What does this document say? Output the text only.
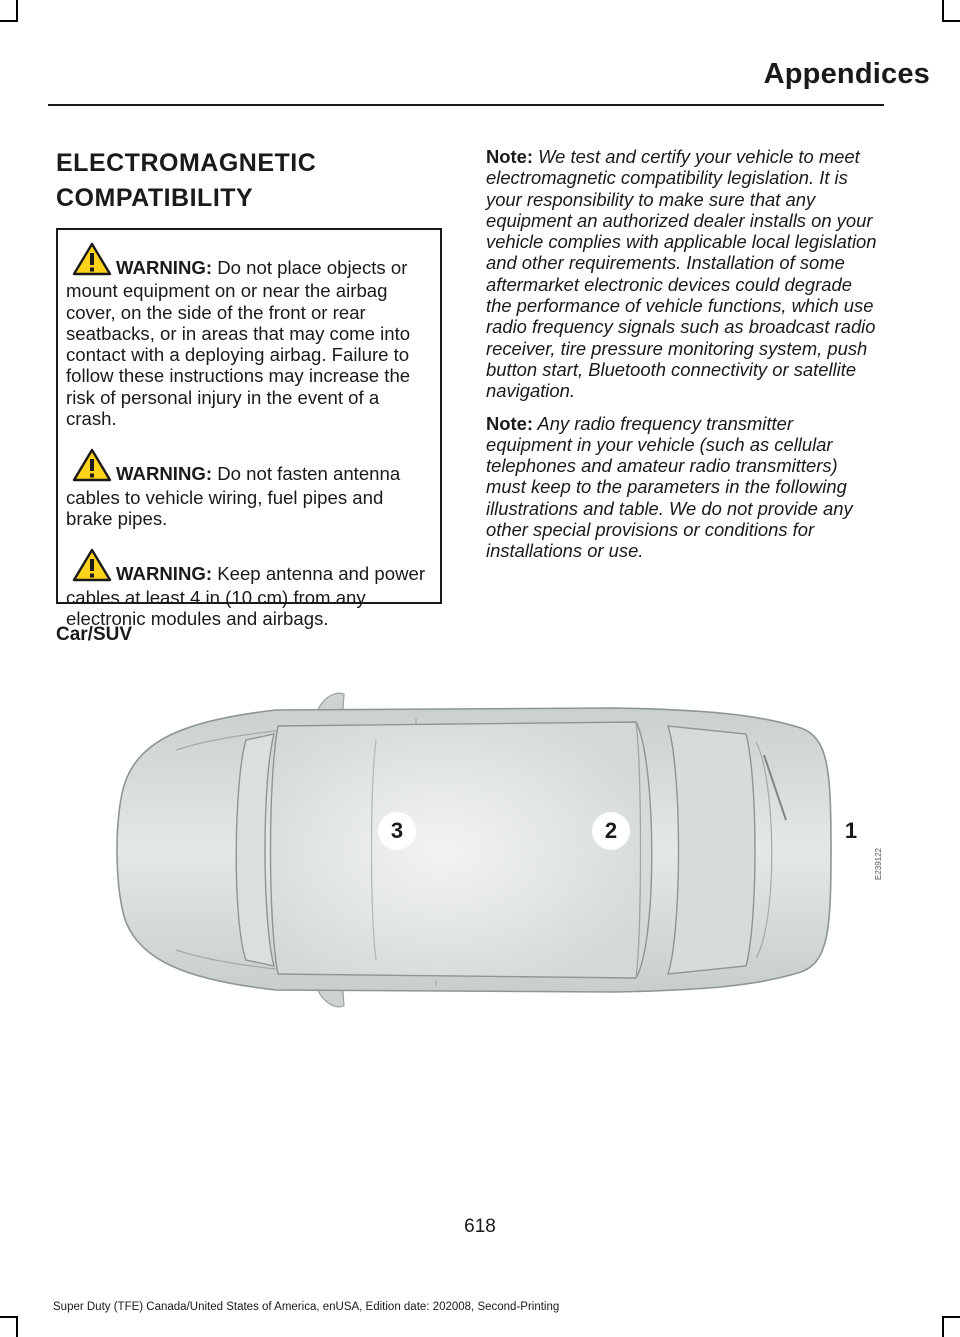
Appendices
ELECTROMAGNETIC
COMPATIBILITY

WARNING: Do not place objects or mount equipment on or near the airbag cover, on the side of the front or rear seatbacks, or in areas that may come into contact with a deploying airbag. Failure to follow these instructions may increase the risk of personal injury in the event of a crash.

WARNING: Do not fasten antenna cables to vehicle wiring, fuel pipes and brake pipes.

WARNING: Keep antenna and power cables at least 4 in (10 cm) from any electronic modules and airbags.

Note: We test and certify your vehicle to meet electromagnetic compatibility legislation. It is your responsibility to make sure that any equipment an authorized dealer installs on your vehicle complies with applicable local legislation and other requirements. Installation of some aftermarket electronic devices could degrade the performance of vehicle functions, which use radio frequency signals such as broadcast radio receiver, tire pressure monitoring system, push button start, Bluetooth connectivity or satellite navigation.

Note: Any radio frequency transmitter equipment in your vehicle (such as cellular telephones and amateur radio transmitters) must keep to the parameters in the following illustrations and table. We do not provide any other special provisions or conditions for installations or use.

Car/SUV
3	2	1
E239122
618
Super Duty (TFE) Canada/United States of America, enUSA, Edition date: 202008, Second-Printing
